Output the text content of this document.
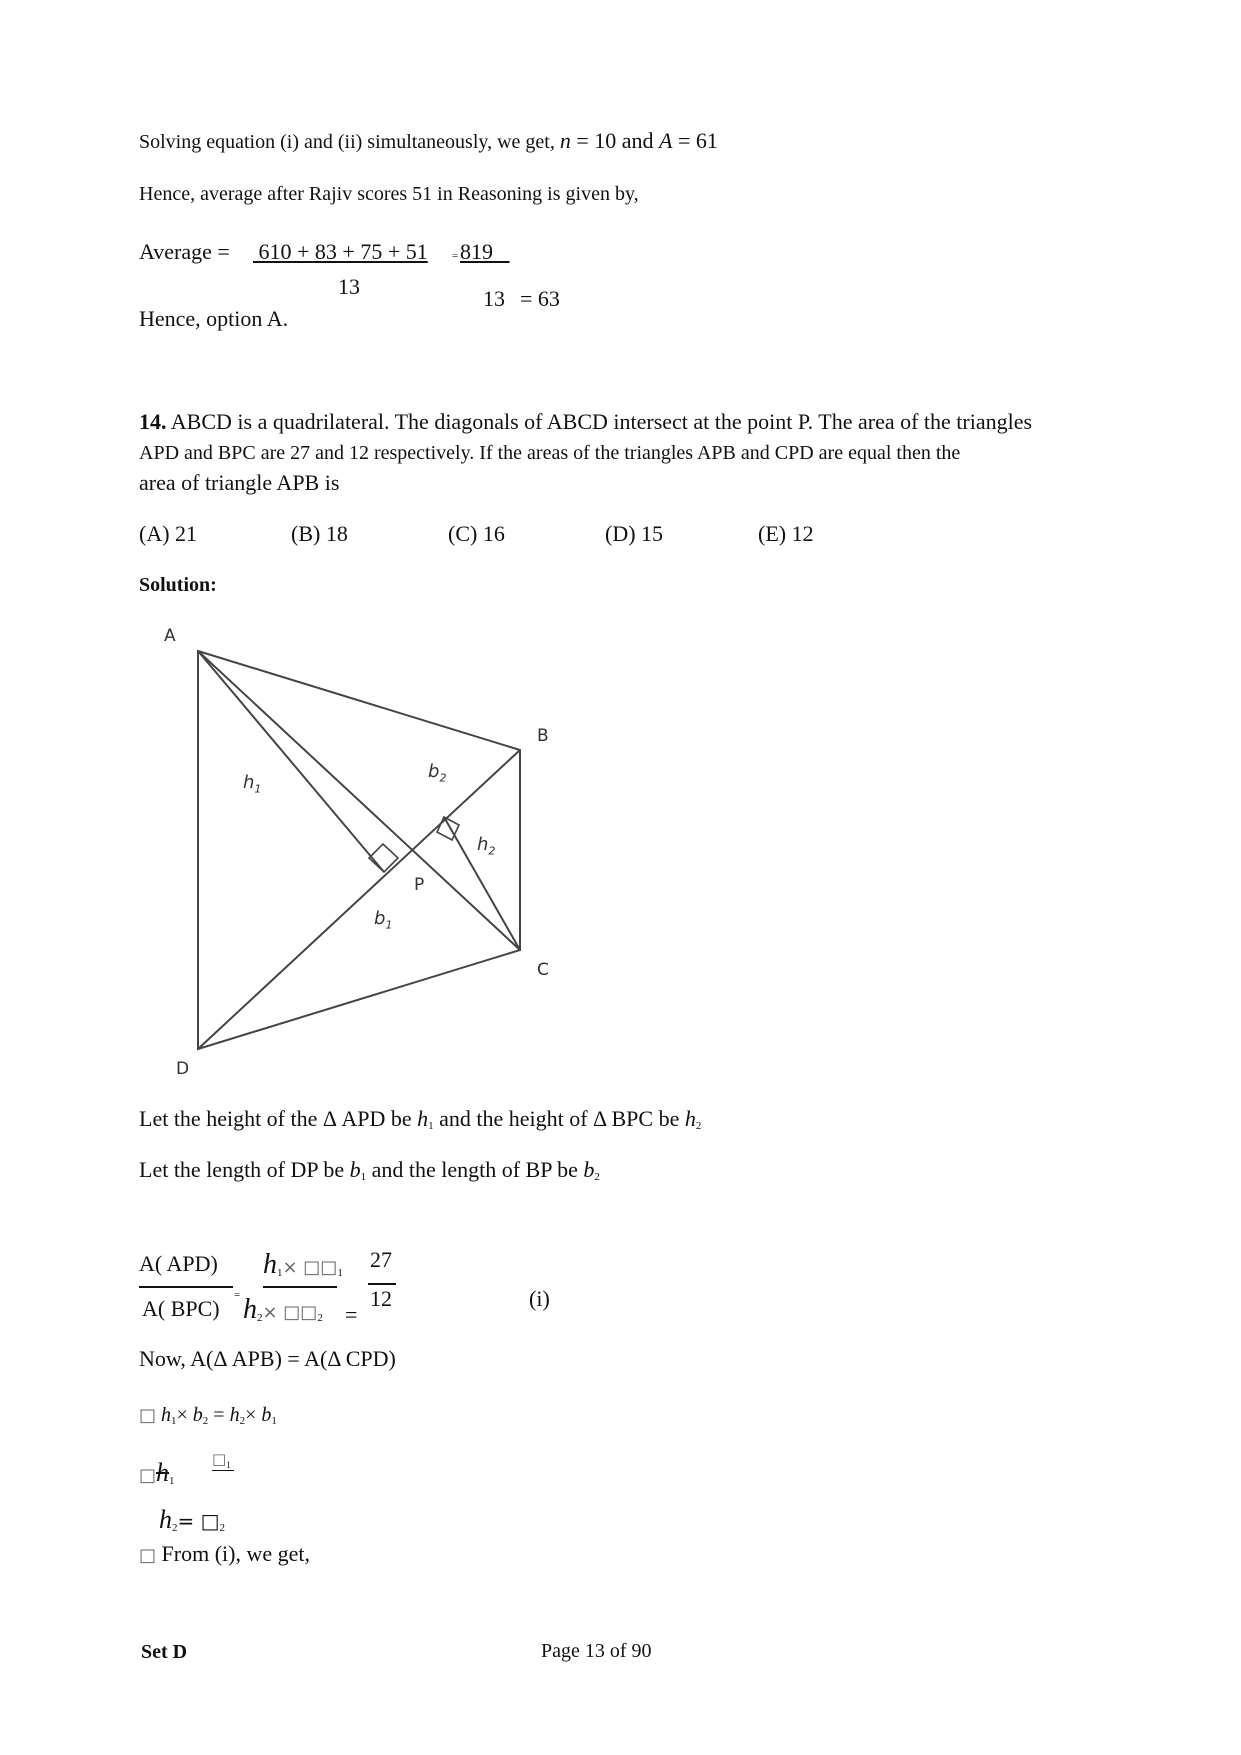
Solving equation (i) and (ii) simultaneously, we get, n = 10 and A = 61
Hence, average after Rajiv scores 51 in Reasoning is given by,
Average = 610 + 83 + 75 + 51 = 819
13	13 = 63
Hence, option A.
14. ABCD is a quadrilateral. The diagonals of ABCD intersect at the point P. The area of the triangles
APD and BPC are 27 and 12 respectively. If the areas of the triangles APB and CPD are equal then the
area of triangle APB is
(A) 21	(B) 18	(C) 16	(D) 15	(E) 12
Solution:
A
B
C
D
P
$h_1$
$b_2$
$h_2$
$b_1$
Let the height of the Δ APD be $h_1$ and the height of Δ BPC be $h_2$
Let the length of DP be $b_1$ and the length of BP be $b_2$
A( APD)
A( BPC)
=
$h_1\times$ $□□_1$
$h_2\times$ $□□_2$ =
27
12	(i)
Now, A(Δ APB) = A(Δ CPD)
□ $h_1\times b_2 = h_2\times b_1$
$□h_1$
$□_1$
$h_2=$ $□_2$
□ From (i), we get,
Set D	Page 13 of 90
